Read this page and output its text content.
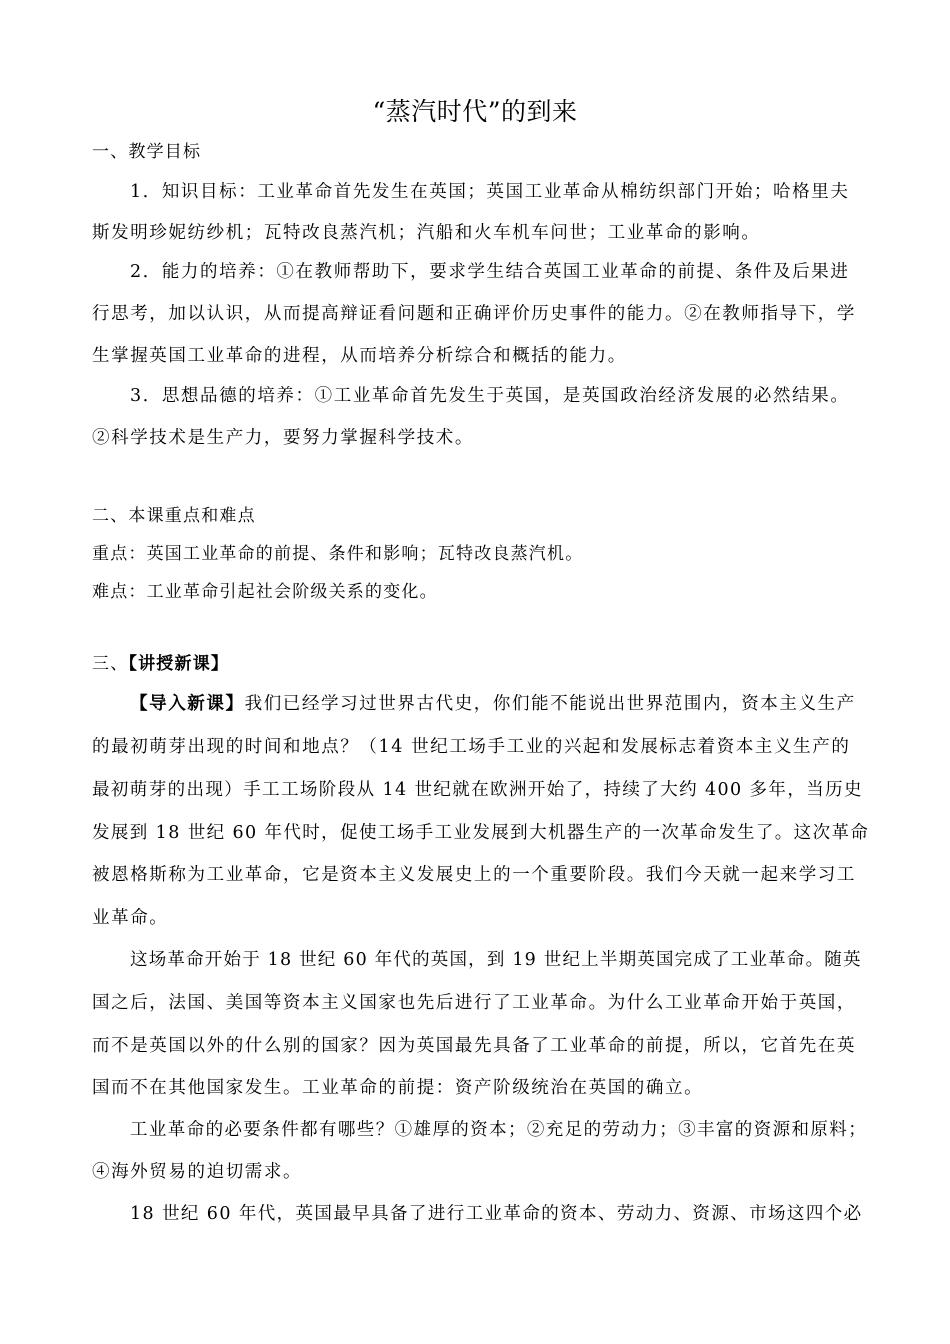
“蒸汽时代”的到来
一、教学目标
1．知识目标：工业革命首先发生在英国；英国工业革命从棉纺织部门开始；哈格里夫
斯发明珍妮纺纱机；瓦特改良蒸汽机；汽船和火车机车问世；工业革命的影响。
2．能力的培养：①在教师帮助下，要求学生结合英国工业革命的前提、条件及后果进
行思考，加以认识，从而提高辩证看问题和正确评价历史事件的能力。②在教师指导下，学
生掌握英国工业革命的进程，从而培养分析综合和概括的能力。
3．思想品德的培养：①工业革命首先发生于英国，是英国政治经济发展的必然结果。
②科学技术是生产力，要努力掌握科学技术。
二、本课重点和难点
重点：英国工业革命的前提、条件和影响；瓦特改良蒸汽机。
难点：工业革命引起社会阶级关系的变化。
三、【讲授新课】
【导入新课】我们已经学习过世界古代史，你们能不能说出世界范围内，资本主义生产
的最初萌芽出现的时间和地点？（14 世纪工场手工业的兴起和发展标志着资本主义生产的
最初萌芽的出现）手工工场阶段从 14 世纪就在欧洲开始了，持续了大约 400 多年，当历史
发展到 18 世纪 60 年代时，促使工场手工业发展到大机器生产的一次革命发生了。这次革命
被恩格斯称为工业革命，它是资本主义发展史上的一个重要阶段。我们今天就一起来学习工
业革命。
这场革命开始于 18 世纪 60 年代的英国，到 19 世纪上半期英国完成了工业革命。随英
国之后，法国、美国等资本主义国家也先后进行了工业革命。为什么工业革命开始于英国，
而不是英国以外的什么别的国家？因为英国最先具备了工业革命的前提，所以，它首先在英
国而不在其他国家发生。工业革命的前提：资产阶级统治在英国的确立。
工业革命的必要条件都有哪些？①雄厚的资本；②充足的劳动力；③丰富的资源和原料；
④海外贸易的迫切需求。
18 世纪 60 年代，英国最早具备了进行工业革命的资本、劳动力、资源、市场这四个必
